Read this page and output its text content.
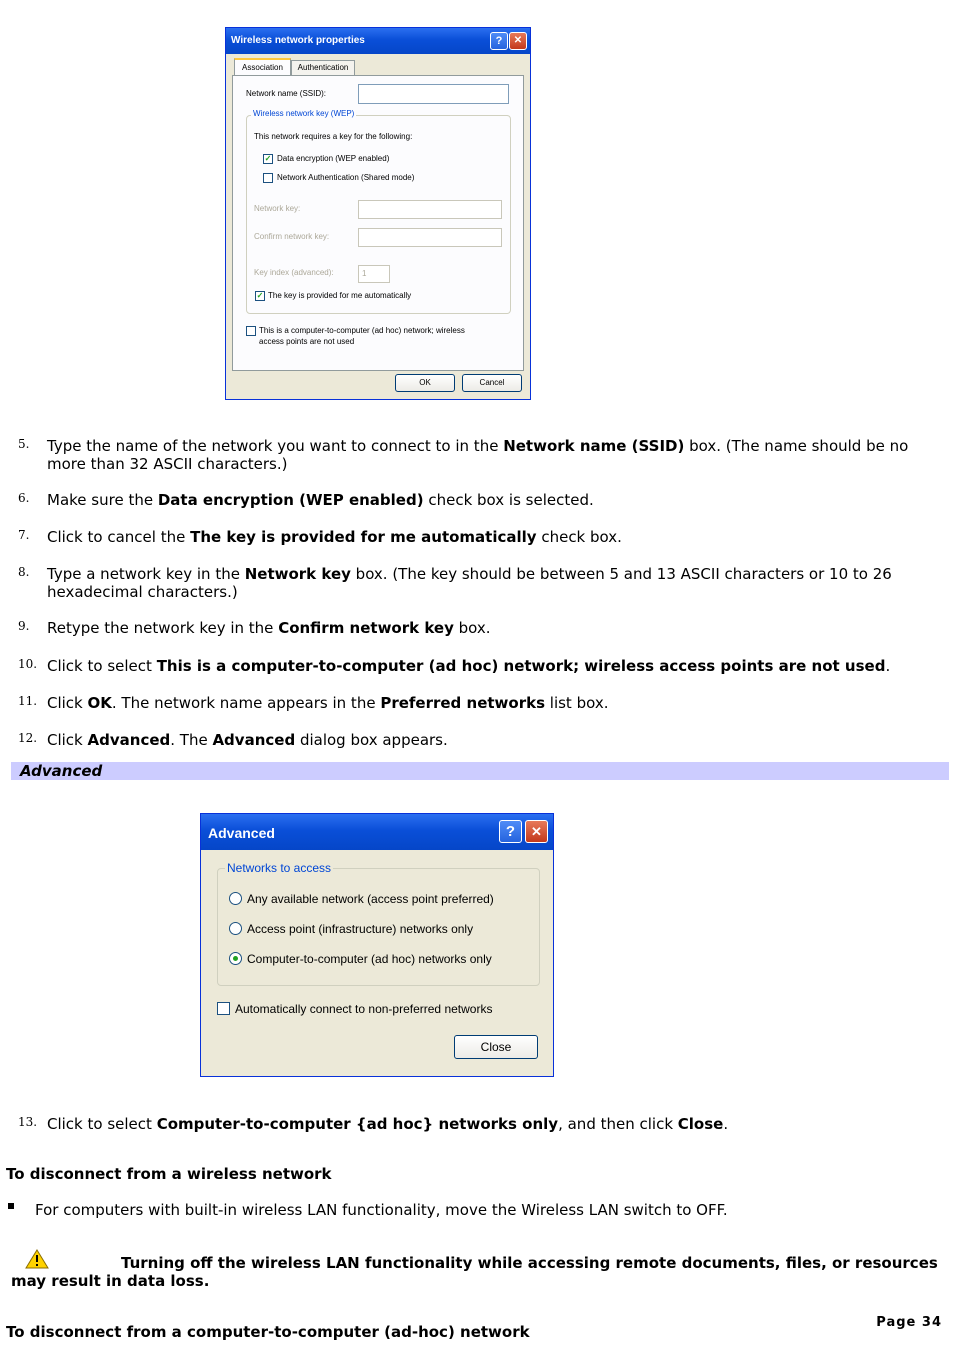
Wireless network properties	?	✕
Association	Authentication
Network name (SSID):
Wireless network key (WEP)
This network requires a key for the following:
✓ Data encryption (WEP enabled)
Network Authentication (Shared mode)
Network key:
Confirm network key:
Key index (advanced):	1
✓ The key is provided for me automatically
This is a computer-to-computer (ad hoc) network; wireless
access points are not used
OK	Cancel
5. Type the name of the network you want to connect to in the Network name (SSID) box. (The name should be no more than 32 ASCII characters.)
6. Make sure the Data encryption (WEP enabled) check box is selected.
7. Click to cancel the The key is provided for me automatically check box.
8. Type a network key in the Network key box. (The key should be between 5 and 13 ASCII characters or 10 to 26 hexadecimal characters.)
9. Retype the network key in the Confirm network key box.
10. Click to select This is a computer-to-computer (ad hoc) network; wireless access points are not used.
11. Click OK. The network name appears in the Preferred networks list box.
12. Click Advanced. The Advanced dialog box appears.
Advanced
Advanced	?	✕
Networks to access
Any available network (access point preferred)
Access point (infrastructure) networks only
Computer-to-computer (ad hoc) networks only
Automatically connect to non-preferred networks
Close
13. Click to select Computer-to-computer {ad hoc} networks only, and then click Close.
To disconnect from a wireless network
For computers with built-in wireless LAN functionality, move the Wireless LAN switch to OFF.
Turning off the wireless LAN functionality while accessing remote documents, files, or resources may result in data loss.
Page 34
To disconnect from a computer-to-computer (ad-hoc) network
